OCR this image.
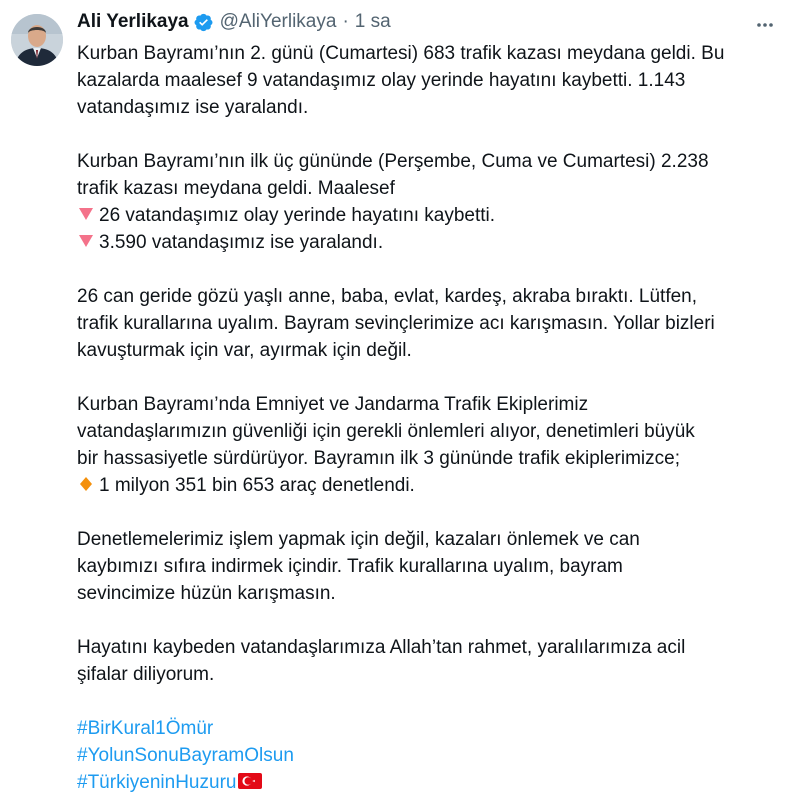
Ali Yerlikaya @AliYerlikaya · 1 sa

Kurban Bayramı’nın 2. günü (Cumartesi) 683 trafik kazası meydana geldi. Bu

kazalarda maalesef 9 vatandaşımız olay yerinde hayatını kaybetti. 1.143

vatandaşımız ise yaralandı.

Kurban Bayramı’nın ilk üç gününde (Perşembe, Cuma ve Cumartesi) 2.238

trafik kazası meydana geldi. Maalesef

26 vatandaşımız olay yerinde hayatını kaybetti.

3.590 vatandaşımız ise yaralandı.

26 can geride gözü yaşlı anne, baba, evlat, kardeş, akraba bıraktı. Lütfen,

trafik kurallarına uyalım. Bayram sevinçlerimize acı karışmasın. Yollar bizleri

kavuşturmak için var, ayırmak için değil.

Kurban Bayramı’nda Emniyet ve Jandarma Trafik Ekiplerimiz

vatandaşlarımızın güvenliği için gerekli önlemleri alıyor, denetimleri büyük

bir hassasiyetle sürdürüyor. Bayramın ilk 3 gününde trafik ekiplerimizce;

1 milyon 351 bin 653 araç denetlendi.

Denetlemelerimiz işlem yapmak için değil, kazaları önlemek ve can

kaybımızı sıfıra indirmek içindir. Trafik kurallarına uyalım, bayram

sevincimize hüzün karışmasın.

Hayatını kaybeden vatandaşlarımıza Allah’tan rahmet, yaralılarımıza acil

şifalar diliyorum.

#BirKural1Ömür

#YolunSonuBayramOlsun

#TürkiyeninHuzuru
